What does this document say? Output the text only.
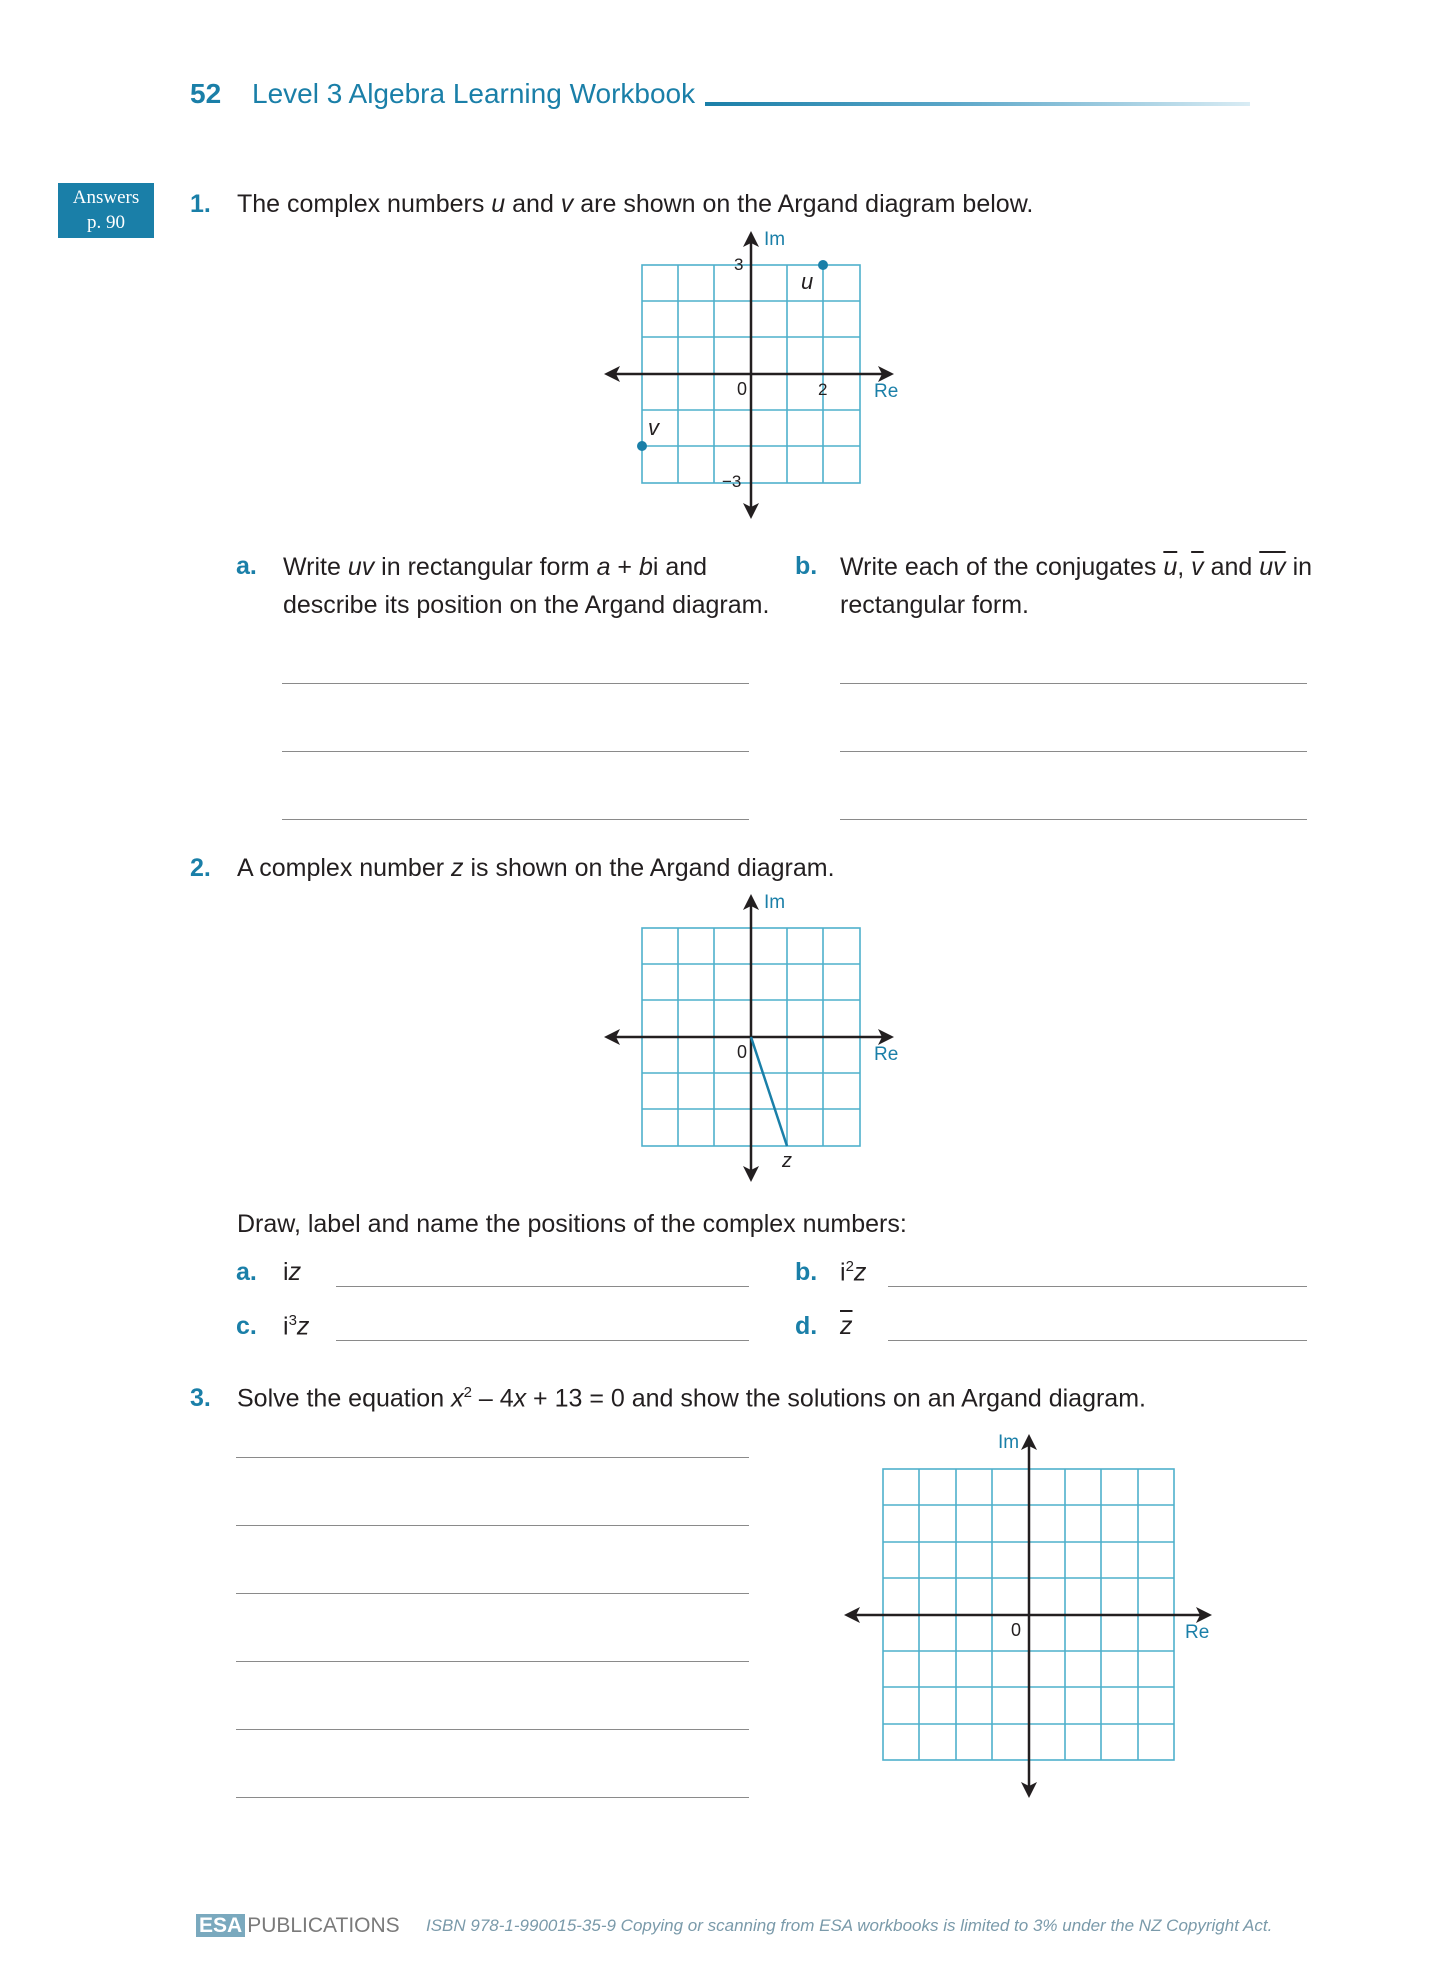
52 Level 3 Algebra Learning Workbook
Answers
p. 90
1. The complex numbers u and v are shown on the Argand diagram below.
Im
Re
0
3
−3
2
u
v
a. Write uv in rectangular form a + bi and
describe its position on the Argand diagram.
b. Write each of the conjugates $\overline{u}$, $\overline{v}$ and $\overline{uv}$ in
rectangular form.
2. A complex number z is shown on the Argand diagram.
Im
Re
0
z
Draw, label and name the positions of the complex numbers:
a. iz	b. $i^2z$
c. $i^3z$	d. $\overline{z}$
3. Solve the equation $x^2 - 4x + 13 = 0$ and show the solutions on an Argand diagram.
Im
Re
0
ESA PUBLICATIONS ISBN 978-1-990015-35-9 Copying or scanning from ESA workbooks is limited to 3% under the NZ Copyright Act.
